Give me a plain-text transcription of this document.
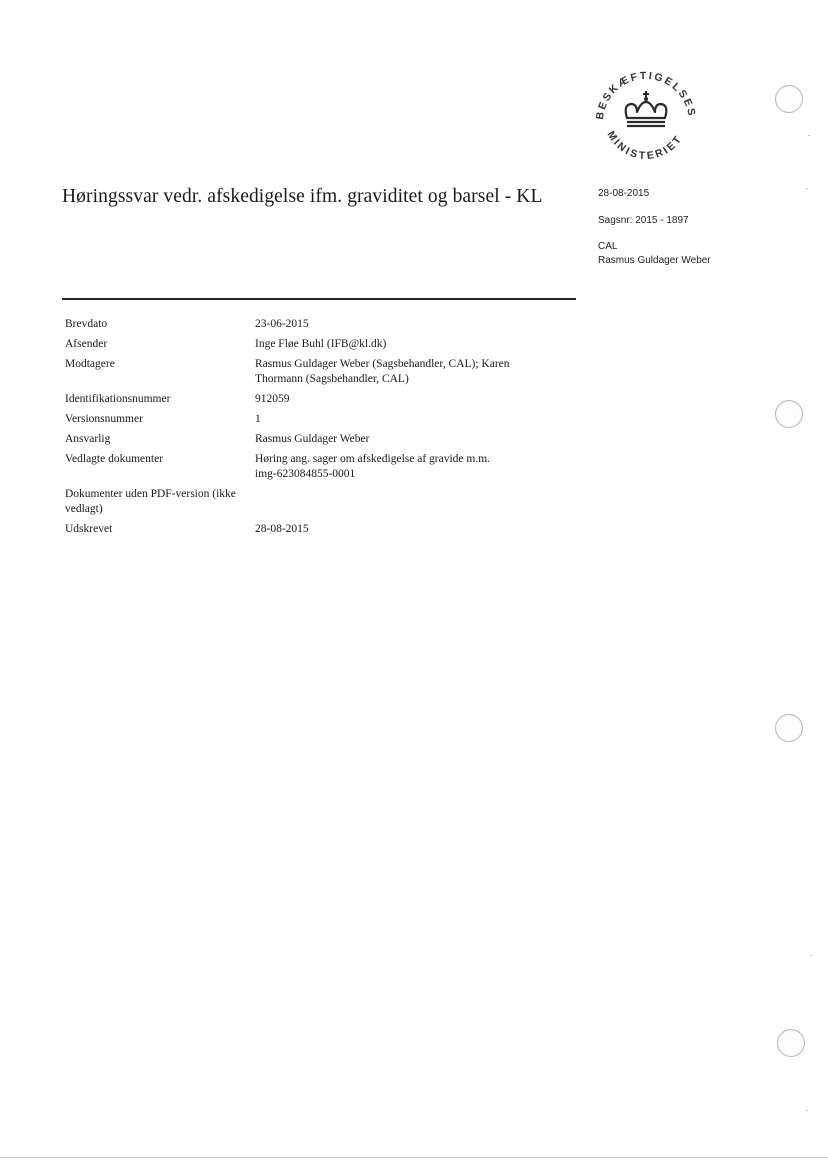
BESKÆFTIGELSES
MINISTERIET
Høringssvar vedr. afskedigelse ifm. graviditet og barsel - KL	28-08-2015
Sagsnr: 2015 - 1897
CAL
Rasmus Guldager Weber
Brevdato	23-06-2015
Afsender	Inge Fløe Buhl (IFB@kl.dk)
Modtagere	Rasmus Guldager Weber (Sagsbehandler, CAL); Karen
Thormann (Sagsbehandler, CAL)
Identifikationsnummer	912059
Versionsnummer	1
Ansvarlig	Rasmus Guldager Weber
Vedlagte dokumenter	Høring ang. sager om afskedigelse af gravide m.m.
img-623084855-0001
Dokumenter uden PDF-version (ikke
vedlagt)
Udskrevet	28-08-2015
